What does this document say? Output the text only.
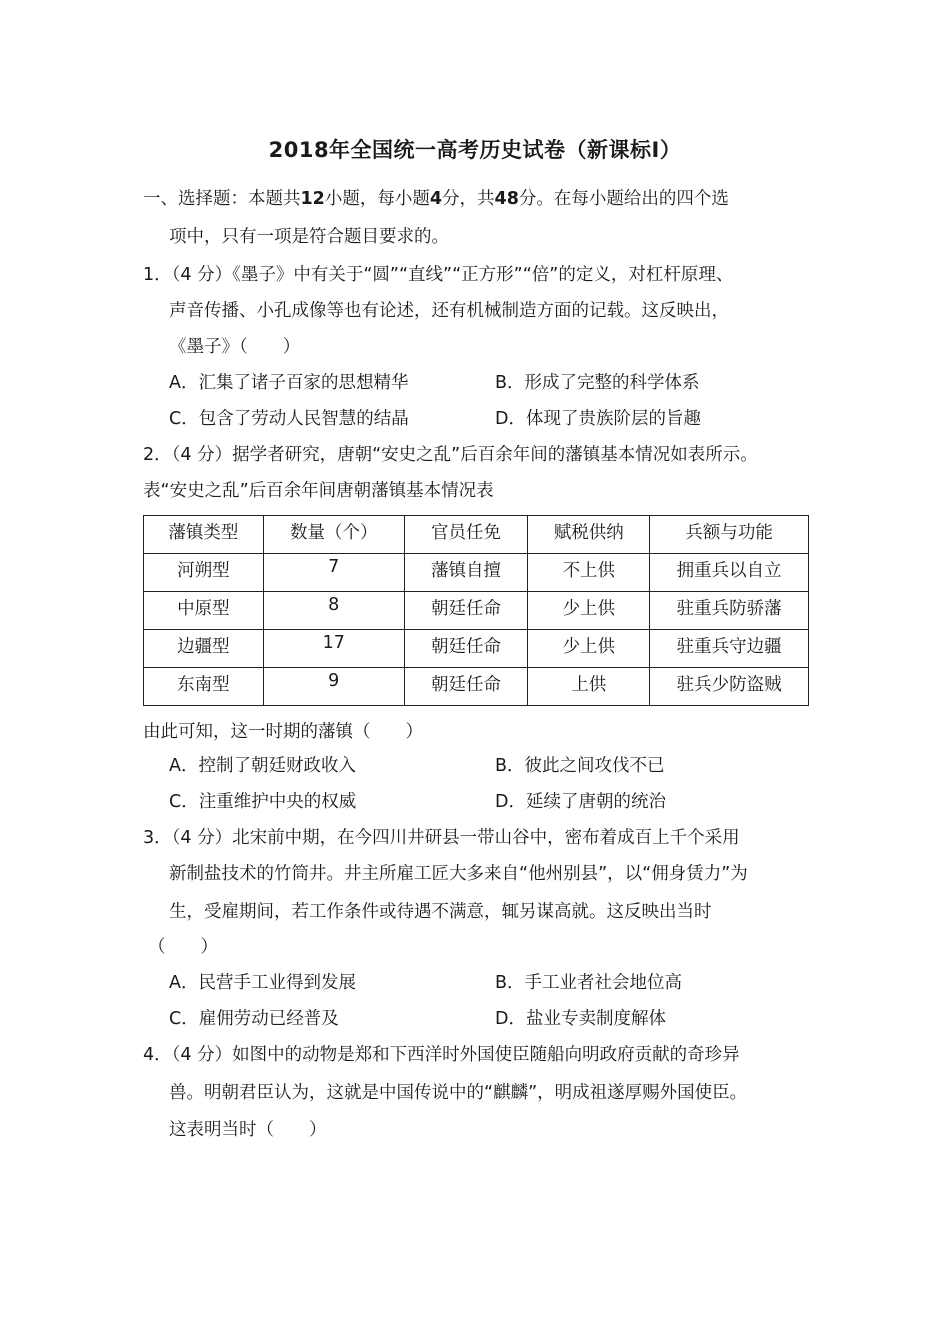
2018年全国统一高考历史试卷（新课标Ⅰ）
一、选择题：本题共12小题，每小题4分，共48分。在每小题给出的四个选
项中，只有一项是符合题目要求的。
1．（4 分）《墨子》中有关于“圆”“直线”“正方形”“倍”的定义，对杠杆原理、
声音传播、小孔成像等也有论述，还有机械制造方面的记载。这反映出，
《墨子》（　　）
A．汇集了诸子百家的思想精华	B．形成了完整的科学体系
C．包含了劳动人民智慧的结晶	D．体现了贵族阶层的旨趣
2．（4 分）据学者研究，唐朝“安史之乱”后百余年间的藩镇基本情况如表所示。
表“安史之乱”后百余年间唐朝藩镇基本情况表
藩镇类型	数量（个）	官员任免	赋税供纳	兵额与功能
河朔型	7	藩镇自擅	不上供	拥重兵以自立
中原型	8	朝廷任命	少上供	驻重兵防骄藩
边疆型	17	朝廷任命	少上供	驻重兵守边疆
东南型	9	朝廷任命	上供	驻兵少防盗贼
由此可知，这一时期的藩镇（　　）
A．控制了朝廷财政收入	B．彼此之间攻伐不已
C．注重维护中央的权威	D．延续了唐朝的统治
3．（4 分）北宋前中期，在今四川井研县一带山谷中，密布着成百上千个采用
新制盐技术的竹筒井。井主所雇工匠大多来自“他州别县”，以“佣身赁力”为
生，受雇期间，若工作条件或待遇不满意，辄另谋高就。这反映出当时
（　　）
A．民营手工业得到发展	B．手工业者社会地位高
C．雇佣劳动已经普及	D．盐业专卖制度解体
4．（4 分）如图中的动物是郑和下西洋时外国使臣随船向明政府贡献的奇珍异
兽。明朝君臣认为，这就是中国传说中的“麒麟”，明成祖遂厚赐外国使臣。
这表明当时（　　）
